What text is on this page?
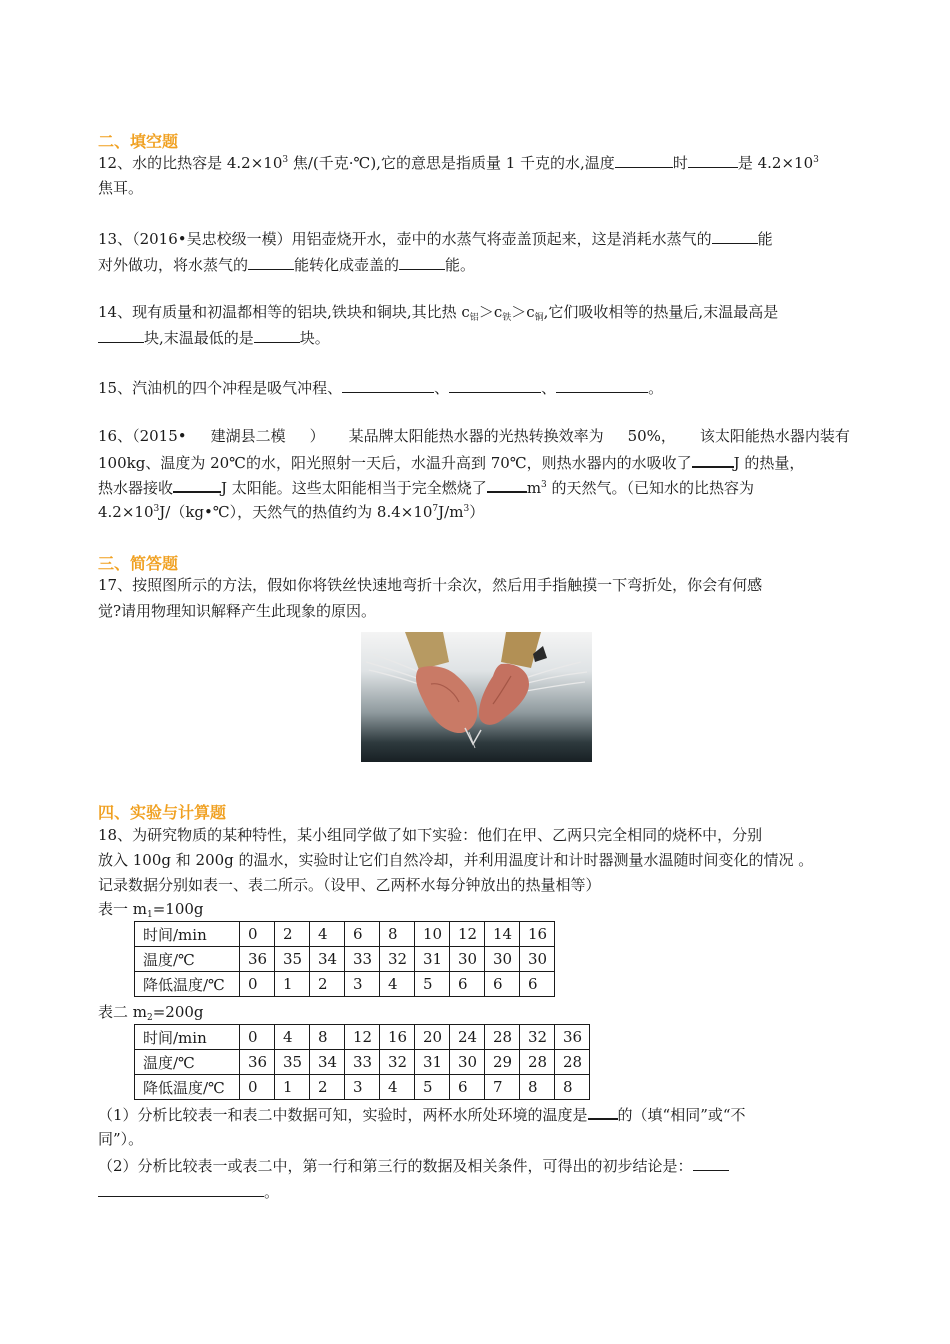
二、填空题
12、水的比热容是 $4.2\times 10^3$ 焦/(千克·℃),它的意思是指质量 1 千克的水,温度	时	是 $4.2\times 10^3$
焦耳。
13、（2016•吴忠校级一模）用铝壶烧开水，壶中的水蒸气将壶盖顶起来，这是消耗水蒸气的	能
对外做功，将水蒸气的	能转化成壶盖的	能。
14、现有质量和初温都相等的铝块,铁块和铜块,其比热 $c_铝>c_铁>c_铜$,它们吸收相等的热量后,末温最高是
块,末温最低的是	块。
15、汽油机的四个冲程是吸气冲程、	、	、	。
16、（2015• 建湖县二模 ） 某品牌太阳能热水器的光热转换效率为 50%， 该太阳能热水器内装有
100kg、温度为 20℃的水，阳光照射一天后，水温升高到 70℃，则热水器内的水吸收了	J 的热量，
热水器接收	J 太阳能。这些太阳能相当于完全燃烧了	$m^3$ 的天然气。（已知水的比热容为
$4.2\times 10^3J/(kg•℃)$，天然气的热值约为 $8.4\times 10^7J/m^3$）
三、简答题
17、按照图所示的方法，假如你将铁丝快速地弯折十余次，然后用手指触摸一下弯折处，你会有何感
觉?请用物理知识解释产生此现象的原因。
四、实验与计算题
18、为研究物质的某种特性，某小组同学做了如下实验：他们在甲、乙两只完全相同的烧杯中，分别
放入 100g 和 200g 的温水，实验时让它们自然冷却，并利用温度计和计时器测量水温随时间变化的情况 。
记录数据分别如表一、表二所示。（设甲、乙两杯水每分钟放出的热量相等）
表一 $m_1=100g$
时间/min	0	2	4	6	8	10	12	14	16
温度/℃	36	35	34	33	32	31	30	30	30
降低温度/℃	0	1	2	3	4	5	6	6	6
表二 $m_2=200g$
时间/min	0	4	8	12	16	20	24	28	32	36
温度/℃	36	35	34	33	32	31	30	29	28	28
降低温度/℃	0	1	2	3	4	5	6	7	8	8
（1）分析比较表一和表二中数据可知，实验时，两杯水所处环境的温度是 的（填“相同”或“不
同”）。
（2）分析比较表一或表二中，第一行和第三行的数据及相关条件，可得出的初步结论是：
。
